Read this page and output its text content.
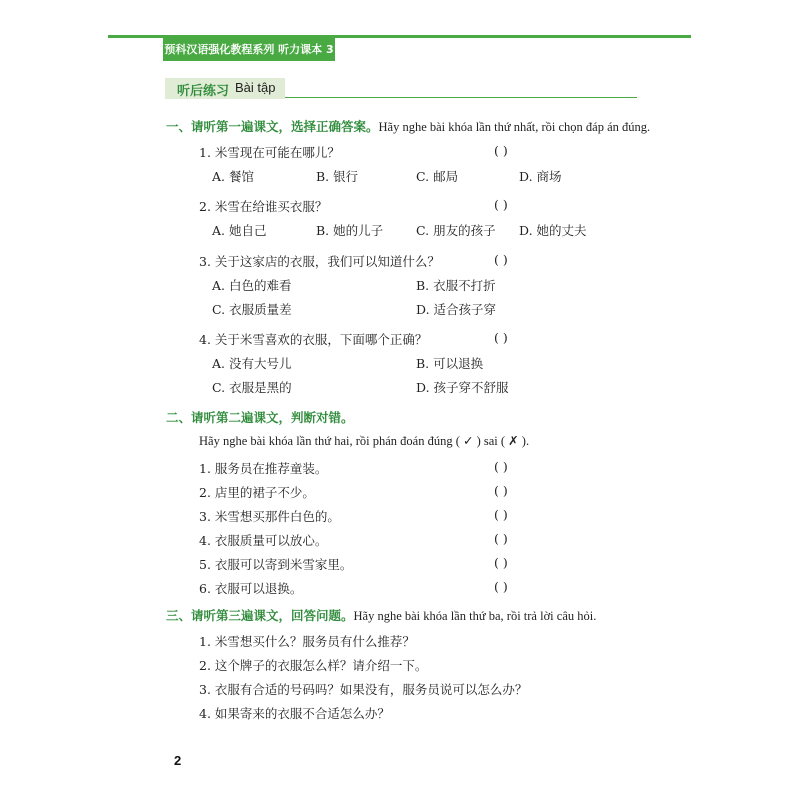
预科汉语强化教程系列 听力课本 3
听后练习 Bài tập
一、请听第一遍课文，选择正确答案。Hãy nghe bài khóa lần thứ nhất, rồi chọn đáp án đúng.
1. 米雪现在可能在哪儿？	( )
A. 餐馆	B. 银行	C. 邮局	D. 商场
2. 米雪在给谁买衣服？	( )
A. 她自己	B. 她的儿子	C. 朋友的孩子 D. 她的丈夫
3. 关于这家店的衣服，我们可以知道什么？	( )
A. 白色的难看	B. 衣服不打折
C. 衣服质量差	D. 适合孩子穿
4. 关于米雪喜欢的衣服，下面哪个正确？	( )
A. 没有大号儿	B. 可以退换
C. 衣服是黑的	D. 孩子穿不舒服
二、请听第二遍课文，判断对错。
Hãy nghe bài khóa lần thứ hai, rồi phán đoán đúng ( ✓ ) sai ( ✗ ).
1. 服务员在推荐童装。	( )
2. 店里的裙子不少。	( )
3. 米雪想买那件白色的。	( )
4. 衣服质量可以放心。	( )
5. 衣服可以寄到米雪家里。	( )
6. 衣服可以退换。	( )
三、请听第三遍课文，回答问题。Hãy nghe bài khóa lần thứ ba, rồi trả lời câu hỏi.
1. 米雪想买什么？服务员有什么推荐？
2. 这个牌子的衣服怎么样？请介绍一下。
3. 衣服有合适的号码吗？如果没有，服务员说可以怎么办？
4. 如果寄来的衣服不合适怎么办？
2
